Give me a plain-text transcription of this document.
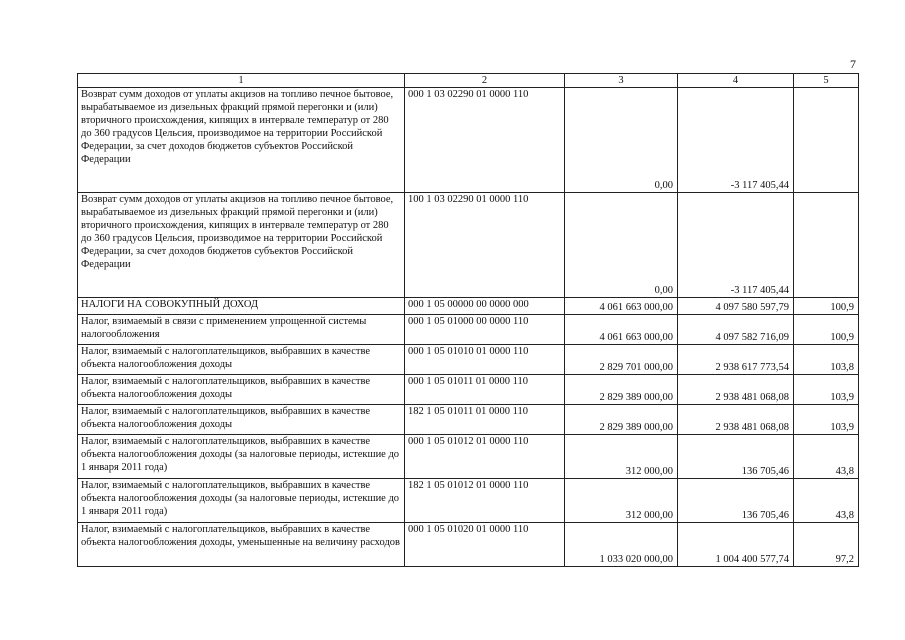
7
1	2	3	4	5
Возврат сумм доходов от уплаты акцизов на топливо печное бытовое, вырабатываемое из дизельных фракций прямой перегонки и (или) вторичного происхождения, кипящих в интервале температур от 280 до 360 градусов Цельсия, производимое на территории Российской Федерации, за счет доходов бюджетов субъектов Российской Федерации	000 1 03 02290 01 0000 110	0,00	-3 117 405,44	
Возврат сумм доходов от уплаты акцизов на топливо печное бытовое, вырабатываемое из дизельных фракций прямой перегонки и (или) вторичного происхождения, кипящих в интервале температур от 280 до 360 градусов Цельсия, производимое на территории Российской Федерации, за счет доходов бюджетов субъектов Российской Федерации	100 1 03 02290 01 0000 110	0,00	-3 117 405,44	
НАЛОГИ НА СОВОКУПНЫЙ ДОХОД	000 1 05 00000 00 0000 000	4 061 663 000,00	4 097 580 597,79	100,9
Налог, взимаемый в связи с применением упрощенной системы налогообложения	000 1 05 01000 00 0000 110	4 061 663 000,00	4 097 582 716,09	100,9
Налог, взимаемый с налогоплательщиков, выбравших в качестве объекта налогообложения доходы	000 1 05 01010 01 0000 110	2 829 701 000,00	2 938 617 773,54	103,8
Налог, взимаемый с налогоплательщиков, выбравших в качестве объекта налогообложения доходы	000 1 05 01011 01 0000 110	2 829 389 000,00	2 938 481 068,08	103,9
Налог, взимаемый с налогоплательщиков, выбравших в качестве объекта налогообложения доходы	182 1 05 01011 01 0000 110	2 829 389 000,00	2 938 481 068,08	103,9
Налог, взимаемый с налогоплательщиков, выбравших в качестве объекта налогообложения доходы (за налоговые периоды, истекшие до 1 января 2011 года)	000 1 05 01012 01 0000 110	312 000,00	136 705,46	43,8
Налог, взимаемый с налогоплательщиков, выбравших в качестве объекта налогообложения доходы (за налоговые периоды, истекшие до 1 января 2011 года)	182 1 05 01012 01 0000 110	312 000,00	136 705,46	43,8
Налог, взимаемый с налогоплательщиков, выбравших в качестве объекта налогообложения доходы, уменьшенные на величину расходов	000 1 05 01020 01 0000 110	1 033 020 000,00	1 004 400 577,74	97,2
